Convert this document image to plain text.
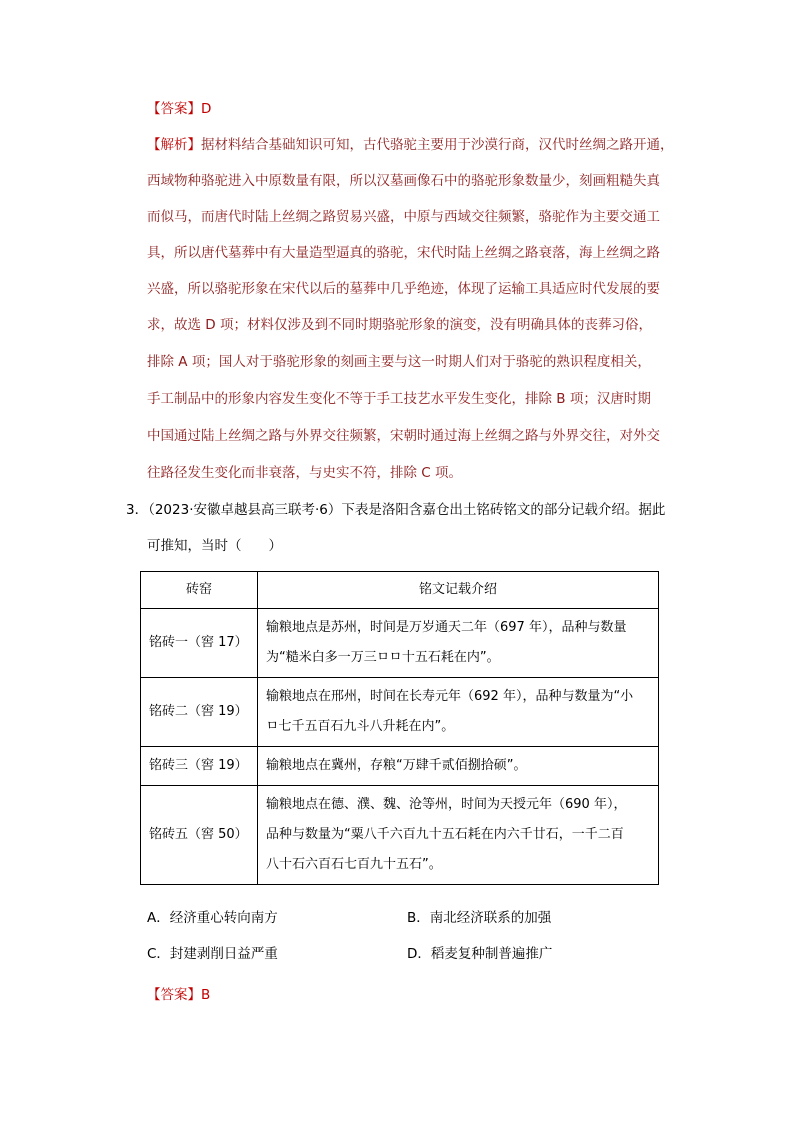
【答案】D
【解析】据材料结合基础知识可知，古代骆驼主要用于沙漠行商，汉代时丝绸之路开通，
西域物种骆驼进入中原数量有限，所以汉墓画像石中的骆驼形象数量少，刻画粗糙失真
而似马，而唐代时陆上丝绸之路贸易兴盛，中原与西域交往频繁，骆驼作为主要交通工
具，所以唐代墓葬中有大量造型逼真的骆驼，宋代时陆上丝绸之路衰落，海上丝绸之路
兴盛，所以骆驼形象在宋代以后的墓葬中几乎绝迹，体现了运输工具适应时代发展的要
求，故选 D 项；材料仅涉及到不同时期骆驼形象的演变，没有明确具体的丧葬习俗，
排除 A 项；国人对于骆驼形象的刻画主要与这一时期人们对于骆驼的熟识程度相关，
手工制品中的形象内容发生变化不等于手工技艺水平发生变化，排除 B 项；汉唐时期
中国通过陆上丝绸之路与外界交往频繁，宋朝时通过海上丝绸之路与外界交往，对外交
往路径发生变化而非衰落，与史实不符，排除 C 项。
3．（2023·安徽卓越县高三联考·6）下表是洛阳含嘉仓出土铭砖铭文的部分记载介绍。据此
可推知，当时（　　）
砖窑	铭文记载介绍
铭砖一（窖 17）	输粮地点是苏州，时间是万岁通天二年（697 年），品种与数量
为“糙米白多一万三ㅁㅁ十五石耗在内”。

铭砖二（窖 19）	输粮地点在邢州，时间在长寿元年（692 年），品种与数量为“小
ㅁ七千五百石九斗八升耗在内”。

铭砖三（窖 19）	输粮地点在冀州，存粮“万肆千贰佰捌拾硕”。

铭砖五（窖 50）	输粮地点在德、濮、魏、沧等州，时间为天授元年（690 年），
品种与数量为“粟八千六百九十五石耗在内六千廿石，一千二百
八十石六百石七百九十五石”。
A．经济重心转向南方	B．南北经济联系的加强
C．封建剥削日益严重	D．稻麦复种制普遍推广
【答案】B
